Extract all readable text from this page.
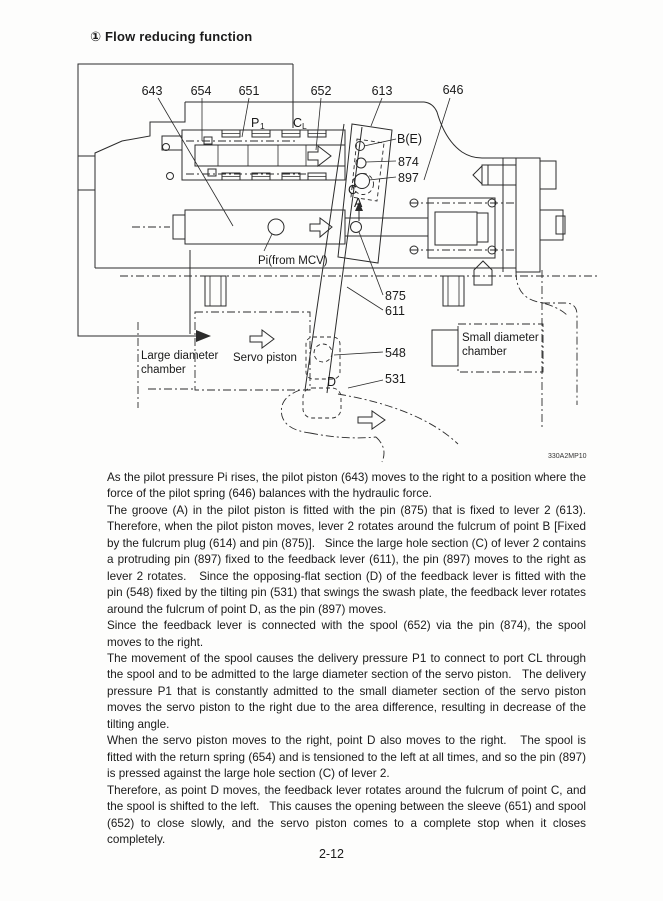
① Flow reducing function
643 654 651	652	613	646
B(E)
874
897
875
611
548
531
C
A
D
Pi(from MCV)
P 1 C L
Large diameter
chamber
Servo piston
Small diameter
chamber
330A2MP10

As the pilot pressure Pi rises, the pilot piston (643) moves to the right to a position where the force of the pilot spring (646) balances with the hydraulic force.

The groove (A) in the pilot piston is fitted with the pin (875) that is fixed to lever 2 (613).  Therefore, when the pilot piston moves, lever 2 rotates around the fulcrum of point B [Fixed by the fulcrum plug (614) and pin (875)].   Since the large hole section (C) of lever 2 contains a protruding pin (897) fixed to the feedback lever (611), the pin (897) moves to the right as lever 2 rotates.   Since the opposing-flat section (D) of the feedback lever is fitted with the pin (548) fixed by the tilting pin (531) that swings the swash plate, the feedback lever rotates around the fulcrum of point D, as the pin (897) moves.

Since the feedback lever is connected with the spool (652) via the pin (874), the spool moves to the right.

The movement of the spool causes the delivery pressure P1 to connect to port CL through the spool and to be admitted to the large diameter section of the servo piston.   The delivery pressure P1 that is constantly admitted to the small diameter section of the servo piston moves the servo piston to the right due to the area difference, resulting in decrease of the tilting angle.

When the servo piston moves to the right, point D also moves to the right.   The spool is fitted with the return spring (654) and is tensioned to the left at all times, and so the pin (897) is pressed against the large hole section (C) of lever 2.

Therefore, as point D moves, the feedback lever rotates around the fulcrum of point C, and the spool is shifted to the left.   This causes the opening between the sleeve (651) and spool (652) to close slowly, and the servo piston comes to a complete stop when it closes completely.

2-12
